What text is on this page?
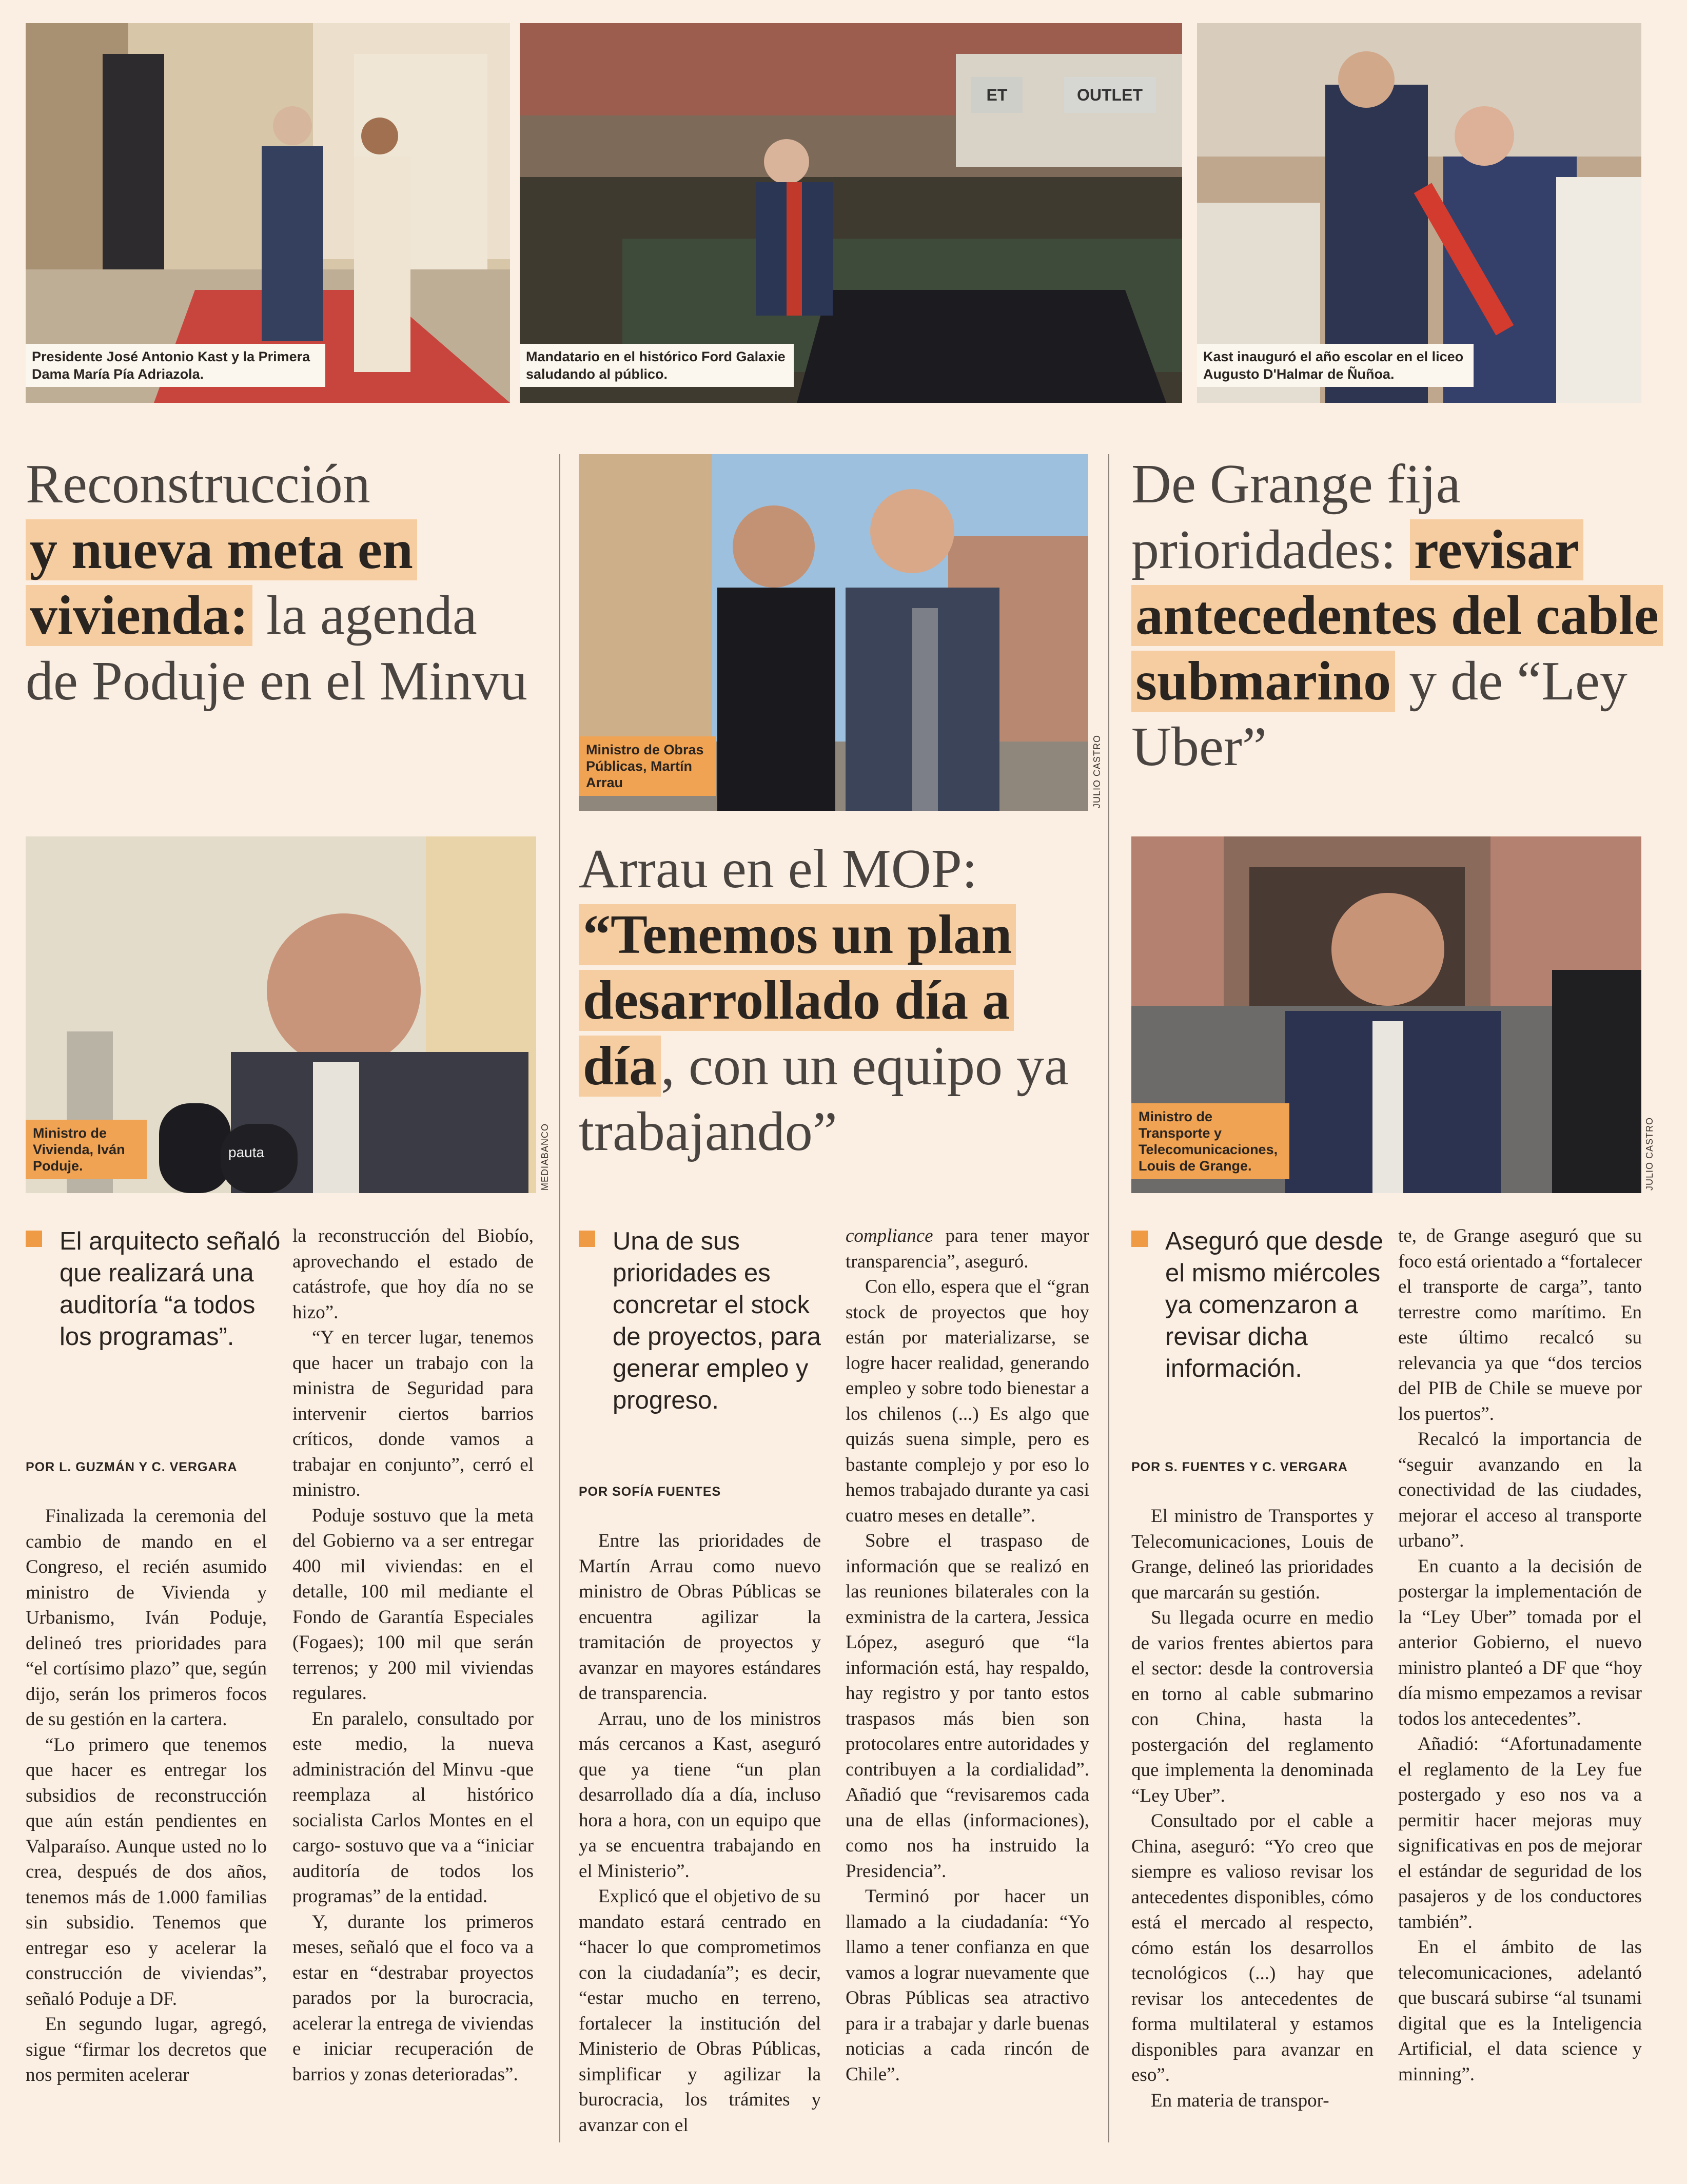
Presidente José Antonio Kast y la Primera Dama María Pía Adriazola.
OUTLET
ET
Mandatario en el histórico Ford Galaxie saludando al público.
Kast inauguró el año escolar en el liceo Augusto D'Halmar de Ñuñoa.
Reconstrucción
y nueva meta en vivienda: la agenda de Poduje en el Minvu
pauta
Ministro de Vivienda, Iván Poduje.	MEDIABANCO
El arquitecto señaló que realizará una auditoría “a todos los programas”.
POR L. GUZMÁN Y C. VERGARA

Finalizada la ceremonia del cambio de mando en el Congreso, el recién asumido ministro de Vivienda y Urbanismo, Iván Poduje, delineó tres prioridades para “el cortísimo plazo” que, según dijo, serán los primeros focos de su gestión en la cartera.

“Lo primero que tenemos que hacer es entregar los subsidios de reconstrucción que aún están pendientes en Valparaíso. Aunque usted no lo crea, después de dos años, tenemos más de 1.000 familias sin subsidio. Tenemos que entregar eso y acelerar la construcción de viviendas”, señaló Poduje a DF.

En segundo lugar, agregó, sigue “firmar los decretos que nos permiten acelerar

la reconstrucción del Biobío, aprovechando el estado de catástrofe, que hoy día no se hizo”.

“Y en tercer lugar, tenemos que hacer un trabajo con la ministra de Seguridad para intervenir ciertos barrios críticos, donde vamos a trabajar en conjunto”, cerró el ministro.

Poduje sostuvo que la meta del Gobierno va a ser entregar 400 mil viviendas: en el detalle, 100 mil mediante el Fondo de Garantía Especiales (Fogaes); 100 mil que serán terrenos; y 200 mil viviendas regulares.

En paralelo, consultado por este medio, la nueva administración del Minvu -que reemplaza al histórico socialista Carlos Montes en el cargo- sostuvo que va a “iniciar auditoría de todos los programas” de la entidad.

Y, durante los primeros meses, señaló que el foco va a estar en “destrabar proyectos parados por la burocracia, acelerar la entrega de viviendas e iniciar recuperación de barrios y zonas deterioradas”.

Ministro de Obras Públicas, Martín Arrau	JULIO CASTRO
Arrau en el MOP:
“Tenemos un plan desarrollado día a día, con un equipo ya trabajando”
Una de sus prioridades es concretar el stock de proyectos, para generar empleo y progreso.
POR SOFÍA FUENTES

Entre las prioridades de Martín Arrau como nuevo ministro de Obras Públicas se encuentra agilizar la tramitación de proyectos y avanzar en mayores estándares de transparencia.

Arrau, uno de los ministros más cercanos a Kast, aseguró que ya tiene “un plan desarrollado día a día, incluso hora a hora, con un equipo que ya se encuentra trabajando en el Ministerio”.

Explicó que el objetivo de su mandato estará centrado en “hacer lo que comprometimos con la ciudadanía”; es decir, “estar mucho en terreno, fortalecer la institución del Ministerio de Obras Públicas, simplificar y agilizar la burocracia, los trámites y avanzar con el

compliance para tener mayor transparencia”, aseguró.

Con ello, espera que el “gran stock de proyectos que hoy están por materializarse, se logre hacer realidad, generando empleo y sobre todo bienestar a los chilenos (...) Es algo que quizás suena simple, pero es bastante complejo y por eso lo hemos trabajado durante ya casi cuatro meses en detalle”.

Sobre el traspaso de información que se realizó en las reuniones bilaterales con la exministra de la cartera, Jessica López, aseguró que “la información está, hay respaldo, hay registro y por tanto estos traspasos más bien son protocolares entre autoridades y contribuyen a la cordialidad”. Añadió que “revisaremos cada una de ellas (informaciones), como nos ha instruido la Presidencia”.

Terminó por hacer un llamado a la ciudadanía: “Yo llamo a tener confianza en que vamos a lograr nuevamente que Obras Públicas sea atractivo para ir a trabajar y darle buenas noticias a cada rincón de Chile”.

De Grange fija prioridades: revisar antecedentes del cable submarino y de “Ley Uber”
Ministro de Transporte y Telecomunicaciones, Louis de Grange.	JULIO CASTRO
Aseguró que desde el mismo miércoles ya comenzaron a revisar dicha información.
POR S. FUENTES Y C. VERGARA

El ministro de Transportes y Telecomunicaciones, Louis de Grange, delineó las prioridades que marcarán su gestión.

Su llegada ocurre en medio de varios frentes abiertos para el sector: desde la controversia en torno al cable submarino con China, hasta la postergación del reglamento que implementa la denominada “Ley Uber”.

Consultado por el cable a China, aseguró: “Yo creo que siempre es valioso revisar los antecedentes disponibles, cómo está el mercado al respecto, cómo están los desarrollos tecnológicos (...) hay que revisar los antecedentes de forma multilateral y estamos disponibles para avanzar en eso”.

En materia de transpor-

te, de Grange aseguró que su foco está orientado a “fortalecer el transporte de carga”, tanto terrestre como marítimo. En este último recalcó su relevancia ya que “dos tercios del PIB de Chile se mueve por los puertos”.

Recalcó la importancia de “seguir avanzando en la conectividad de las ciudades, mejorar el acceso al transporte urbano”.

En cuanto a la decisión de postergar la implementación de la “Ley Uber” tomada por el anterior Gobierno, el nuevo ministro planteó a DF que “hoy día mismo empezamos a revisar todos los antecedentes”.

Añadió: “Afortunadamente el reglamento de la Ley fue postergado y eso nos va a permitir hacer mejoras muy significativas en pos de mejorar el estándar de seguridad de los pasajeros y de los conductores también”.

En el ámbito de las telecomunicaciones, adelantó que buscará subirse “al tsunami digital que es la Inteligencia Artificial, el data science y minning”.
